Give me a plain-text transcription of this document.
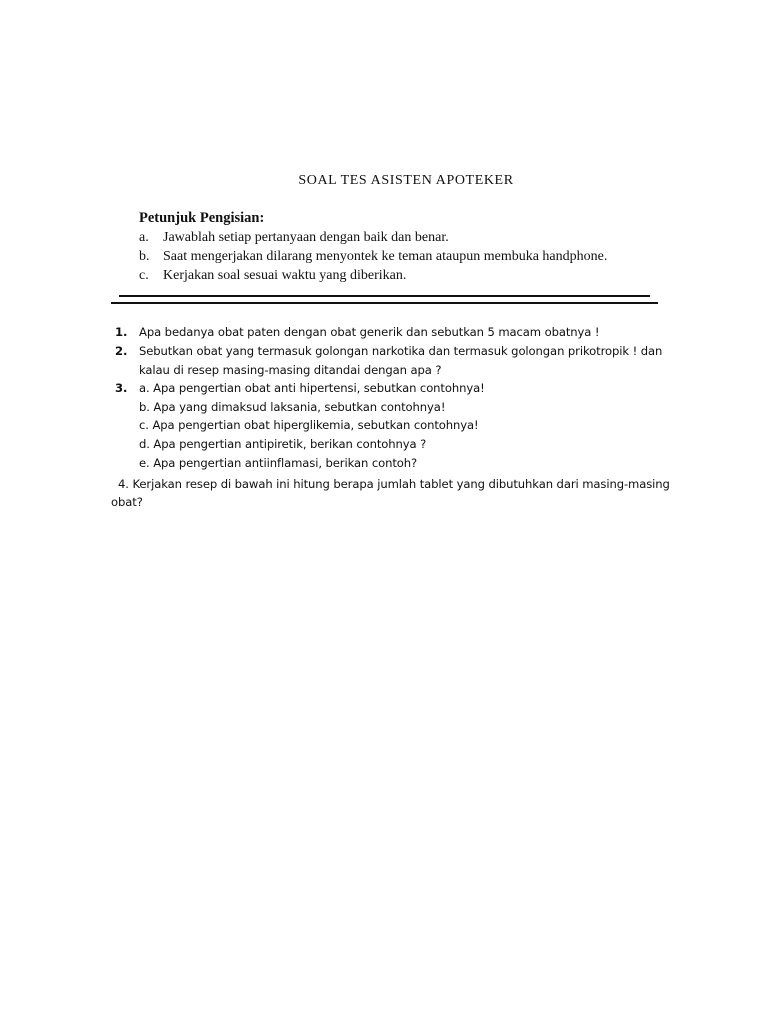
SOAL TES ASISTEN APOTEKER
Petunjuk Pengisian:
a. Jawablah setiap pertanyaan dengan baik dan benar.
b. Saat mengerjakan dilarang menyontek ke teman ataupun membuka handphone.
c. Kerjakan soal sesuai waktu yang diberikan.
1. Apa bedanya obat paten dengan obat generik dan sebutkan 5 macam obatnya !
2. Sebutkan obat yang termasuk golongan narkotika dan termasuk golongan prikotropik ! dan
kalau di resep masing-masing ditandai dengan apa ?
3. a. Apa pengertian obat anti hipertensi, sebutkan contohnya!
b. Apa yang dimaksud laksania, sebutkan contohnya!
c. Apa pengertian obat hiperglikemia, sebutkan contohnya!
d. Apa pengertian antipiretik, berikan contohnya ?
e. Apa pengertian antiinflamasi, berikan contoh?
4. Kerjakan resep di bawah ini hitung berapa jumlah tablet yang dibutuhkan dari masing-masing
obat?
